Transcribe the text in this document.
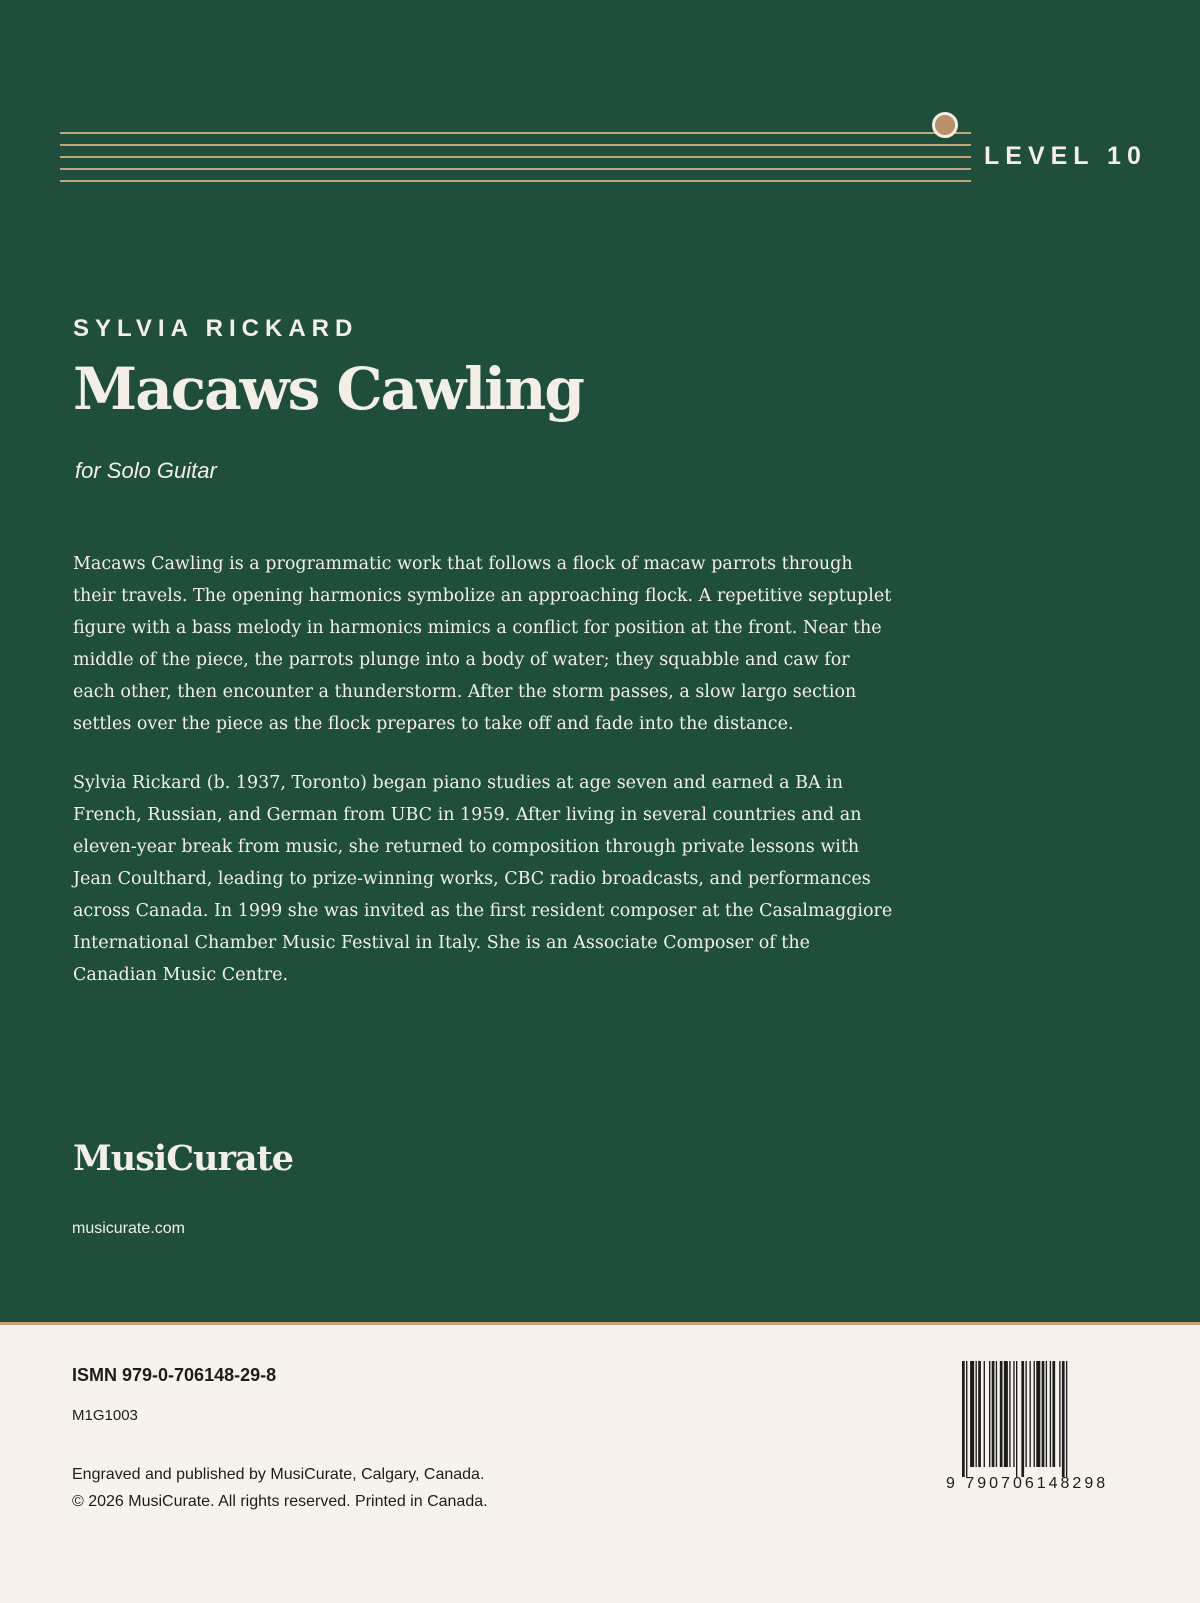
LEVEL 10
SYLVIA RICKARD
Macaws Cawling
for Solo Guitar

Macaws Cawling is a programmatic work that follows a flock of macaw parrots through their travels. The opening harmonics symbolize an approaching flock. A repetitive septuplet figure with a bass melody in harmonics mimics a conflict for position at the front. Near the middle of the piece, the parrots plunge into a body of water; they squabble and caw for each other, then encounter a thunderstorm. After the storm passes, a slow largo section settles over the piece as the flock prepares to take off and fade into the distance.

Sylvia Rickard (b. 1937, Toronto) began piano studies at age seven and earned a BA in French, Russian, and German from UBC in 1959. After living in several countries and an eleven-year break from music, she returned to composition through private lessons with Jean Coulthard, leading to prize-winning works, CBC radio broadcasts, and performances across Canada. In 1999 she was invited as the first resident composer at the Casalmaggiore International Chamber Music Festival in Italy. She is an Associate Composer of the Canadian Music Centre.

MusiCurate
musicurate.com
ISMN 979-0-706148-29-8
M1G1003
Engraved and published by MusiCurate, Calgary, Canada.
© 2026 MusiCurate. All rights reserved. Printed in Canada.
9 790706148298
